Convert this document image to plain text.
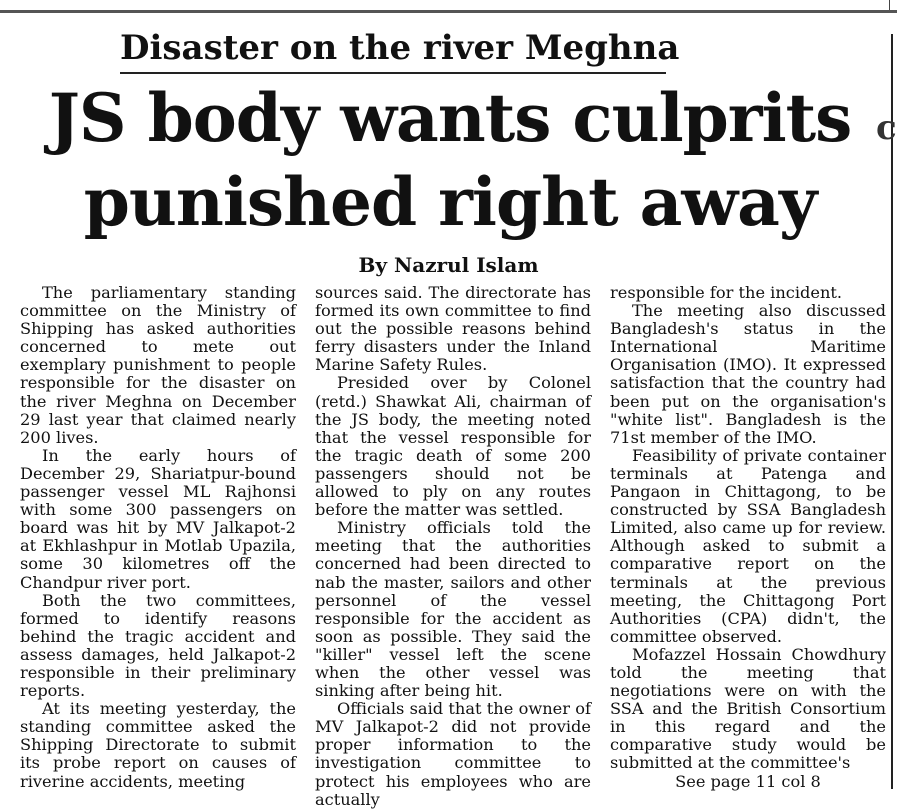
c
Disaster on the river Meghna
JS body wants culprits
punished right away
By Nazrul Islam

The parliamentary standing committee on the Ministry of Shipping has asked authorities concerned to mete out exemplary punishment to people responsible for the disaster on the river Meghna on December 29 last year that claimed nearly 200 lives.

In the early hours of December 29, Shariatpur-bound passenger vessel ML Rajhonsi with some 300 passengers on board was hit by MV Jalkapot-2 at Ekhlashpur in Motlab Upazila, some 30 kilometres off the Chandpur river port.

Both the two committees, formed to identify reasons behind the tragic accident and assess damages, held Jalkapot-2 responsible in their preliminary reports.

At its meeting yesterday, the standing committee asked the Shipping Directorate to submit its probe report on causes of riverine accidents, meeting

sources said. The directorate has formed its own committee to find out the possible reasons behind ferry disasters under the Inland Marine Safety Rules.

Presided over by Colonel (retd.) Shawkat Ali, chairman of the JS body, the meeting noted that the vessel responsible for the tragic death of some 200 passengers should not be allowed to ply on any routes before the matter was settled.

Ministry officials told the meeting that the authorities concerned had been directed to nab the master, sailors and other personnel of the vessel responsible for the accident as soon as possible. They said the "killer" vessel left the scene when the other vessel was sinking after being hit.

Officials said that the owner of MV Jalkapot-2 did not provide proper information to the investigation committee to protect his employees who are actually

responsible for the incident.

The meeting also discussed Bangladesh's status in the International Maritime Organisation (IMO). It expressed satisfaction that the country had been put on the organisation's "white list". Bangladesh is the 71st member of the IMO.

Feasibility of private container terminals at Patenga and Pangaon in Chittagong, to be constructed by SSA Bangladesh Limited, also came up for review. Although asked to submit a comparative report on the terminals at the previous meeting, the Chittagong Port Authorities (CPA) didn't, the committee observed.

Mofazzel Hossain Chowdhury told the meeting that negotiations were on with the SSA and the British Consortium in this regard and the comparative study would be submitted at the committee's

See page 11 col 8
